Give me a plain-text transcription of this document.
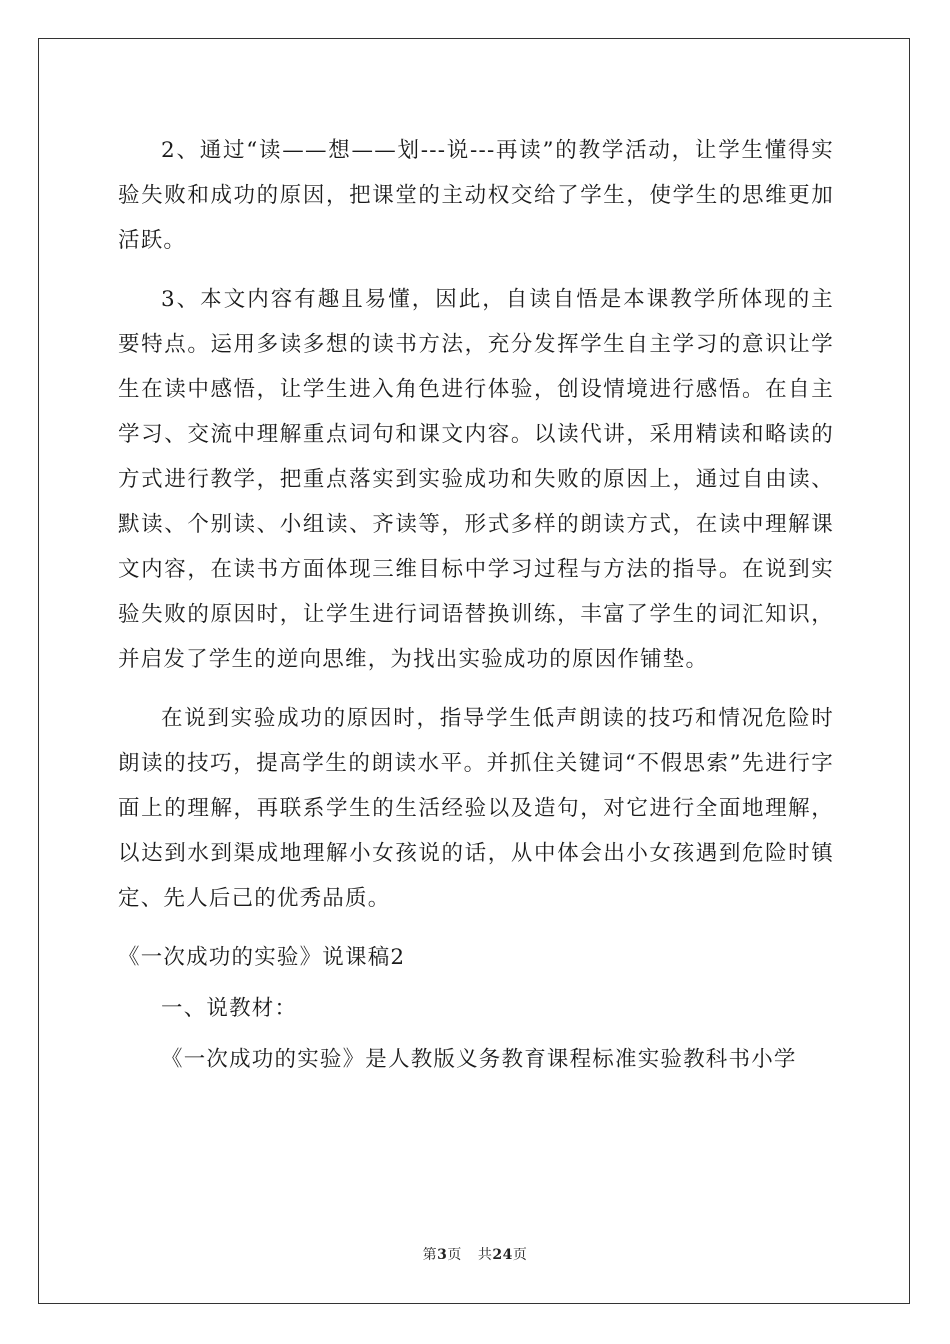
2、通过“读——想——划---说---再读”的教学活动，让学生懂得实验失败和成功的原因，把课堂的主动权交给了学生，使学生的思维更加活跃。

3、本文内容有趣且易懂，因此，自读自悟是本课教学所体现的主要特点。运用多读多想的读书方法，充分发挥学生自主学习的意识让学生在读中感悟，让学生进入角色进行体验，创设情境进行感悟。在自主学习、交流中理解重点词句和课文内容。以读代讲，采用精读和略读的方式进行教学，把重点落实到实验成功和失败的原因上，通过自由读、默读、个别读、小组读、齐读等，形式多样的朗读方式，在读中理解课文内容，在读书方面体现三维目标中学习过程与方法的指导。在说到实验失败的原因时，让学生进行词语替换训练，丰富了学生的词汇知识，并启发了学生的逆向思维，为找出实验成功的原因作铺垫。

在说到实验成功的原因时，指导学生低声朗读的技巧和情况危险时朗读的技巧，提高学生的朗读水平。并抓住关键词“不假思索”先进行字面上的理解，再联系学生的生活经验以及造句，对它进行全面地理解，以达到水到渠成地理解小女孩说的话，从中体会出小女孩遇到危险时镇定、先人后己的优秀品质。

《一次成功的实验》说课稿2

一、说教材：

《一次成功的实验》是人教版义务教育课程标准实验教科书小学

第3页 共24页
